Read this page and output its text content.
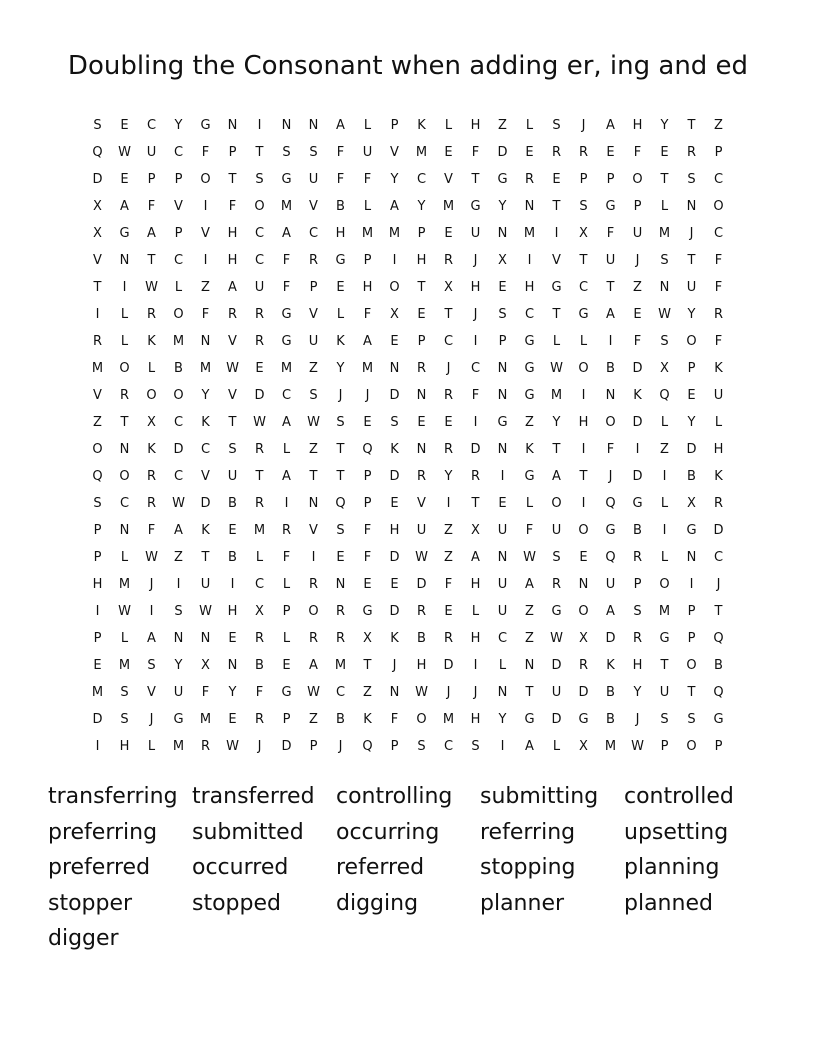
Doubling the Consonant when adding er, ing and ed
S	E	C	Y	G	N	I	N	N	A	L	P	K	L	H	Z	L	S	J	A	H	Y	T	Z
Q	W	U	C	F	P	T	S	S	F	U	V	M	E	F	D	E	R	R	E	F	E	R	P
D	E	P	P	O	T	S	G	U	F	F	Y	C	V	T	G	R	E	P	P	O	T	S	C
X	A	F	V	I	F	O	M	V	B	L	A	Y	M	G	Y	N	T	S	G	P	L	N	O
X	G	A	P	V	H	C	A	C	H	M	M	P	E	U	N	M	I	X	F	U	M	J	C
V	N	T	C	I	H	C	F	R	G	P	I	H	R	J	X	I	V	T	U	J	S	T	F
T	I	W	L	Z	A	U	F	P	E	H	O	T	X	H	E	H	G	C	T	Z	N	U	F
I	L	R	O	F	R	R	G	V	L	F	X	E	T	J	S	C	T	G	A	E	W	Y	R
R	L	K	M	N	V	R	G	U	K	A	E	P	C	I	P	G	L	L	I	F	S	O	F
M	O	L	B	M	W	E	M	Z	Y	M	N	R	J	C	N	G	W	O	B	D	X	P	K
V	R	O	O	Y	V	D	C	S	J	J	D	N	R	F	N	G	M	I	N	K	Q	E	U
Z	T	X	C	K	T	W	A	W	S	E	S	E	E	I	G	Z	Y	H	O	D	L	Y	L
O	N	K	D	C	S	R	L	Z	T	Q	K	N	R	D	N	K	T	I	F	I	Z	D	H
Q	O	R	C	V	U	T	A	T	T	P	D	R	Y	R	I	G	A	T	J	D	I	B	K
S	C	R	W	D	B	R	I	N	Q	P	E	V	I	T	E	L	O	I	Q	G	L	X	R
P	N	F	A	K	E	M	R	V	S	F	H	U	Z	X	U	F	U	O	G	B	I	G	D
P	L	W	Z	T	B	L	F	I	E	F	D	W	Z	A	N	W	S	E	Q	R	L	N	C
H	M	J	I	U	I	C	L	R	N	E	E	D	F	H	U	A	R	N	U	P	O	I	J
I	W	I	S	W	H	X	P	O	R	G	D	R	E	L	U	Z	G	O	A	S	M	P	T
P	L	A	N	N	E	R	L	R	R	X	K	B	R	H	C	Z	W	X	D	R	G	P	Q
E	M	S	Y	X	N	B	E	A	M	T	J	H	D	I	L	N	D	R	K	H	T	O	B
M	S	V	U	F	Y	F	G	W	C	Z	N	W	J	J	N	T	U	D	B	Y	U	T	Q
D	S	J	G	M	E	R	P	Z	B	K	F	O	M	H	Y	G	D	G	B	J	S	S	G
I	H	L	M	R	W	J	D	P	J	Q	P	S	C	S	I	A	L	X	M	W	P	O	P
transferring transferred controlling	submitting	controlled
preferring	submitted	occurring	referring	upsetting
preferred	occurred	referred	stopping	planning
stopper	stopped	digging	planner	planned
digger
